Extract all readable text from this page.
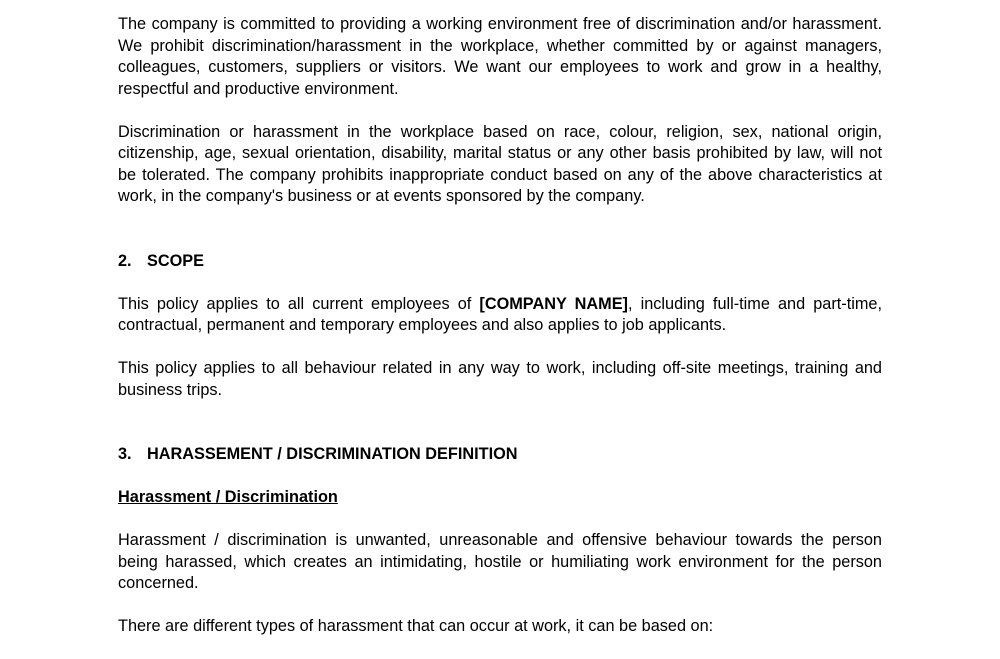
The company is committed to providing a working environment free of discrimination and/or harassment. We prohibit discrimination/harassment in the workplace, whether committed by or against managers, colleagues, customers, suppliers or visitors. We want our employees to work and grow in a healthy, respectful and productive environment.

Discrimination or harassment in the workplace based on race, colour, religion, sex, national origin, citizenship, age, sexual orientation, disability, marital status or any other basis prohibited by law, will not be tolerated. The company prohibits inappropriate conduct based on any of the above characteristics at work, in the company's business or at events sponsored by the company.

2. SCOPE

This policy applies to all current employees of [COMPANY NAME], including full-time and part-time, contractual, permanent and temporary employees and also applies to job applicants.

This policy applies to all behaviour related in any way to work, including off-site meetings, training and business trips.

3. HARASSEMENT / DISCRIMINATION DEFINITION
Harassment / Discrimination

Harassment / discrimination is unwanted, unreasonable and offensive behaviour towards the person being harassed, which creates an intimidating, hostile or humiliating work environment for the person concerned.

There are different types of harassment that can occur at work, it can be based on:
